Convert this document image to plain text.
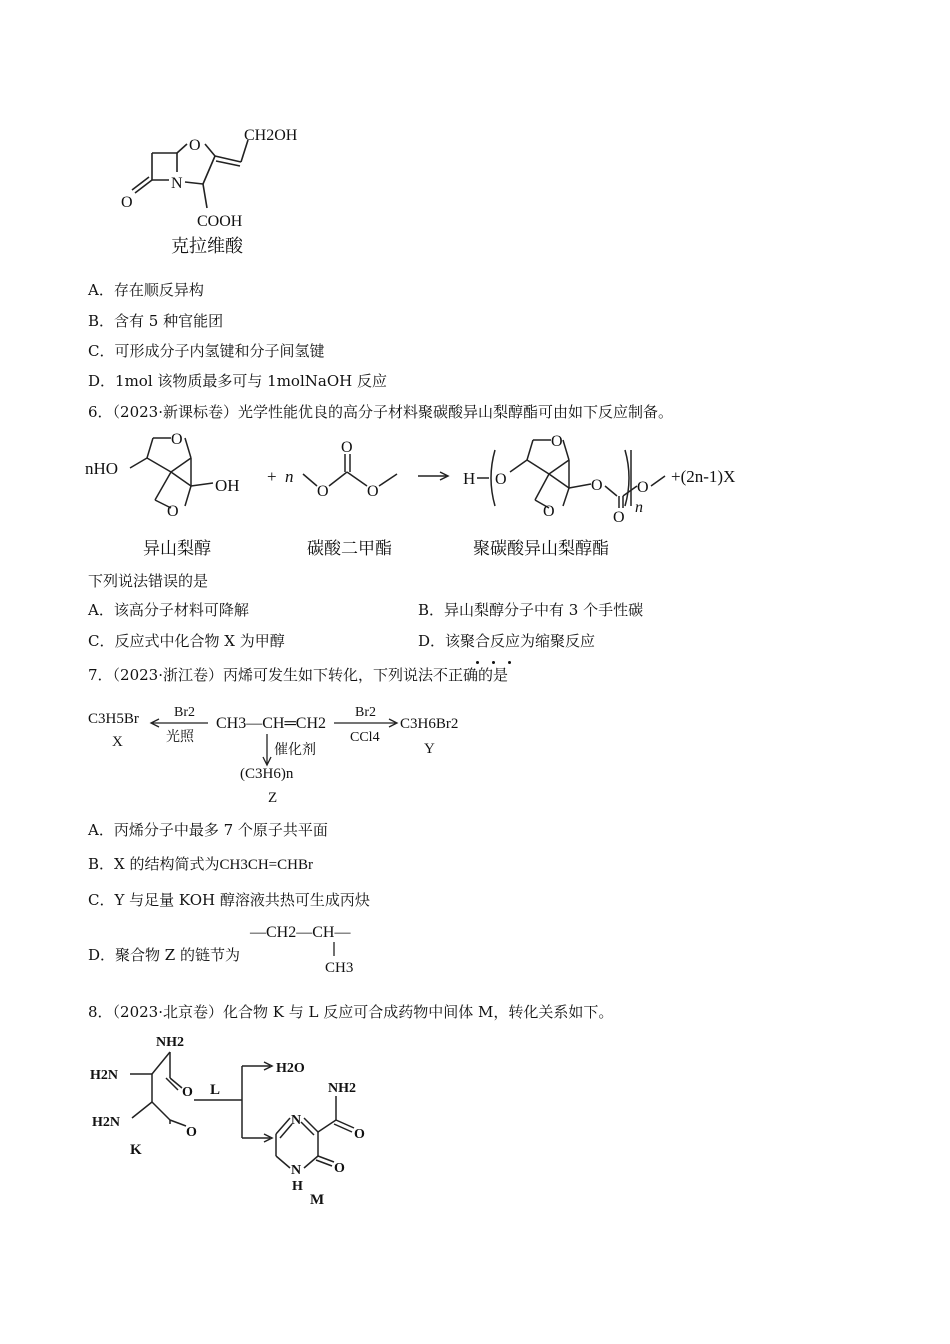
CH2OH
O
N
O
COOH
克拉维酸
A．存在顺反异构
B．含有 5 种官能团
C．可形成分子内氢键和分子间氢键
D．1mol 该物质最多可与 1molNaOH 反应
6．（2023·新课标卷）光学性能优良的高分子材料聚碳酸异山梨醇酯可由如下反应制备。
nHO
O
O
OH + n
O
O
O
H O
O
O
O
O
O
n
+(2n-1)X
异山梨醇	碳酸二甲酯	聚碳酸异山梨醇酯
下列说法错误的是
A．该高分子材料可降解	B．异山梨醇分子中有 3 个手性碳
C．反应式中化合物 X 为甲醇	D．该聚合反应为缩聚反应
7．（2023·浙江卷）丙烯可发生如下转化，下列说法不正确的是
C3H5Br
X
Br2
光照
CH3—CH═CH2
Br2
CCl4
C3H6Br2
Y
催化剂
(C3H6)n
Z
A．丙烯分子中最多 7 个原子共平面
B．X 的结构简式为CH3CH=CHBr
C．Y 与足量 KOH 醇溶液共热可生成丙炔
D．聚合物 Z 的链节为
—CH2—CH—
CH3
8．（2023·北京卷）化合物 K 与 L 反应可合成药物中间体 M，转化关系如下。
NH2
H2N
O
H2N
O
K
L
H2O
NH2
N
O
N
H
O
M
